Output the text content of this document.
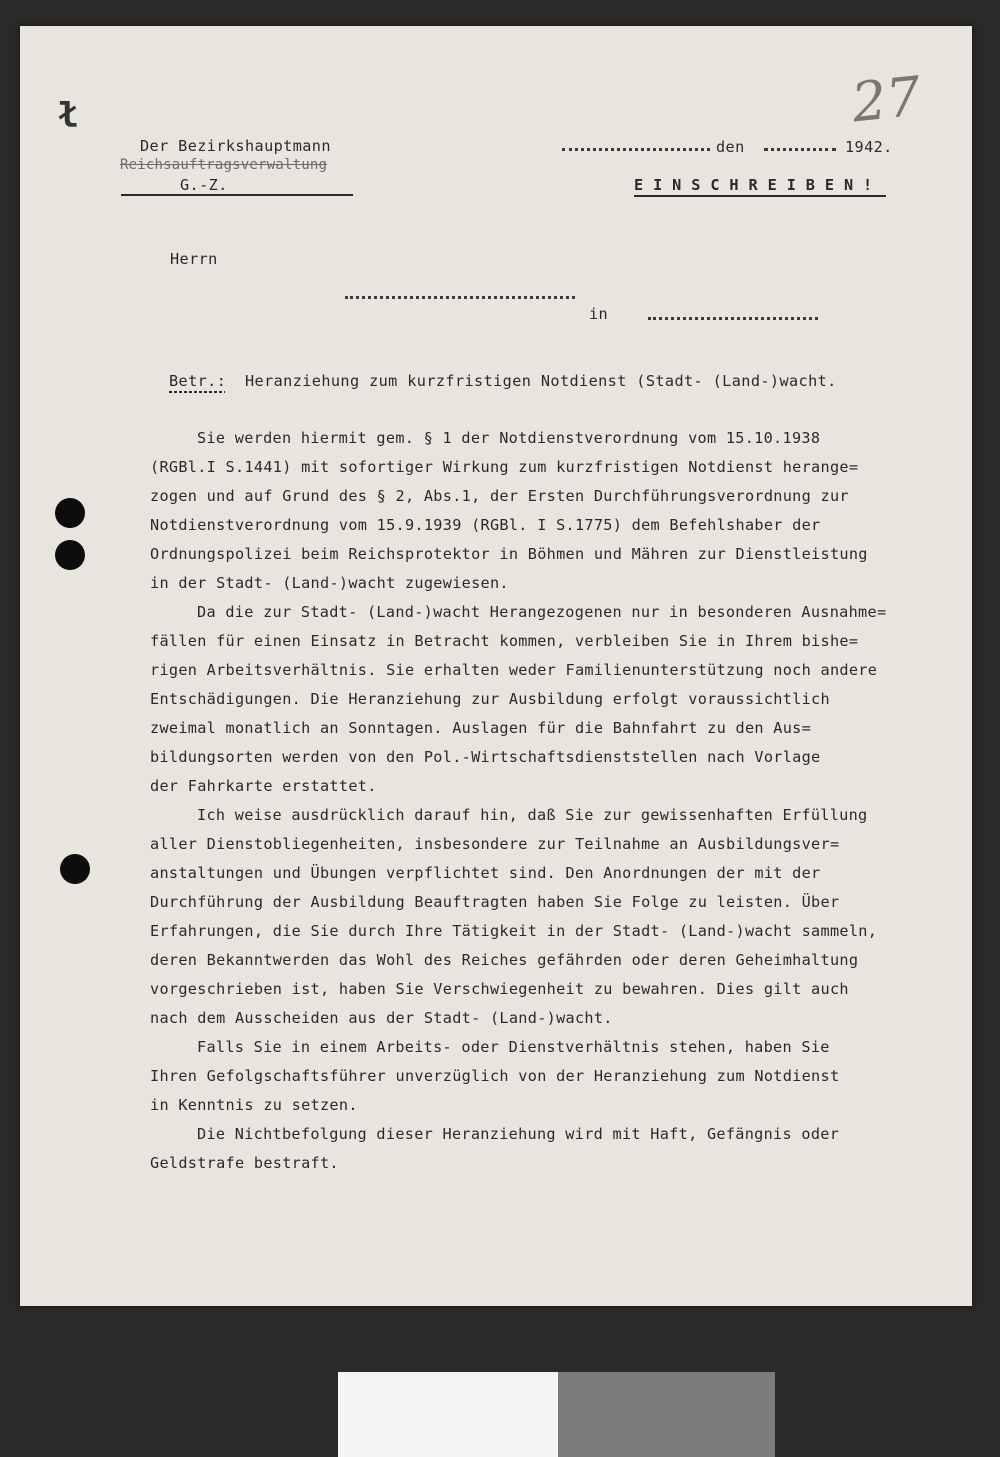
27
ł
Der Bezirkshauptmann
Reichsauftragsverwaltung
G.-Z.
den	1942.
E I N S C H R E I B E N !
Herrn
in
Betr.: Heranziehung zum kurzfristigen Notdienst (Stadt- (Land-)wacht.
Sie werden hiermit gem. § 1 der Notdienstverordnung vom 15.10.1938
(RGBl.I S.1441) mit sofortiger Wirkung zum kurzfristigen Notdienst herange=
zogen und auf Grund des § 2, Abs.1, der Ersten Durchführungsverordnung zur
Notdienstverordnung vom 15.9.1939 (RGBl. I S.1775) dem Befehlshaber der
Ordnungspolizei beim Reichsprotektor in Böhmen und Mähren zur Dienstleistung
in der Stadt- (Land-)wacht zugewiesen.
Da die zur Stadt- (Land-)wacht Herangezogenen nur in besonderen Ausnahme=
fällen für einen Einsatz in Betracht kommen, verbleiben Sie in Ihrem bishe=
rigen Arbeitsverhältnis. Sie erhalten weder Familienunterstützung noch andere
Entschädigungen. Die Heranziehung zur Ausbildung erfolgt voraussichtlich
zweimal monatlich an Sonntagen. Auslagen für die Bahnfahrt zu den Aus=
bildungsorten werden von den Pol.-Wirtschaftsdienststellen nach Vorlage
der Fahrkarte erstattet.
Ich weise ausdrücklich darauf hin, daß Sie zur gewissenhaften Erfüllung
aller Dienstobliegenheiten, insbesondere zur Teilnahme an Ausbildungsver=
anstaltungen und Übungen verpflichtet sind. Den Anordnungen der mit der
Durchführung der Ausbildung Beauftragten haben Sie Folge zu leisten. Über
Erfahrungen, die Sie durch Ihre Tätigkeit in der Stadt- (Land-)wacht sammeln,
deren Bekanntwerden das Wohl des Reiches gefährden oder deren Geheimhaltung
vorgeschrieben ist, haben Sie Verschwiegenheit zu bewahren. Dies gilt auch
nach dem Ausscheiden aus der Stadt- (Land-)wacht.
Falls Sie in einem Arbeits- oder Dienstverhältnis stehen, haben Sie
Ihren Gefolgschaftsführer unverzüglich von der Heranziehung zum Notdienst
in Kenntnis zu setzen.
Die Nichtbefolgung dieser Heranziehung wird mit Haft, Gefängnis oder
Geldstrafe bestraft.
